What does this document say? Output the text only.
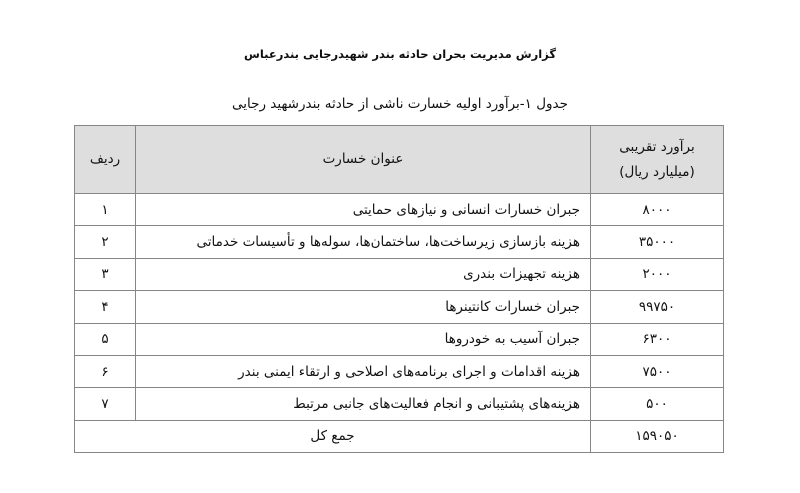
گزارش مدیریت بحران حادثه بندر شهیدرجایی بندرعباس
جدول ۱-برآورد اولیه خسارت ناشی از حادثه بندرشهید رجایی
برآورد تقریبی
(میلیارد ریال)	عنوان خسارت	ردیف
۸۰۰۰	جبران خسارات انسانی و نیازهای حمایتی	۱
۳۵۰۰۰	هزینه بازسازی زیرساخت‌ها، ساختمان‌ها، سوله‌ها و تأسیسات خدماتی	۲
۲۰۰۰	هزینه تجهیزات بندری	۳
۹۹۷۵۰	جبران خسارات کانتینرها	۴
۶۳۰۰	جبران آسیب به خودروها	۵
۷۵۰۰	هزینه اقدامات و اجرای برنامه‌های اصلاحی و ارتقاء ایمنی بندر	۶
۵۰۰	هزینه‌های پشتیبانی و انجام فعالیت‌های جانبی مرتبط	۷
۱۵۹۰۵۰	جمع کل	
